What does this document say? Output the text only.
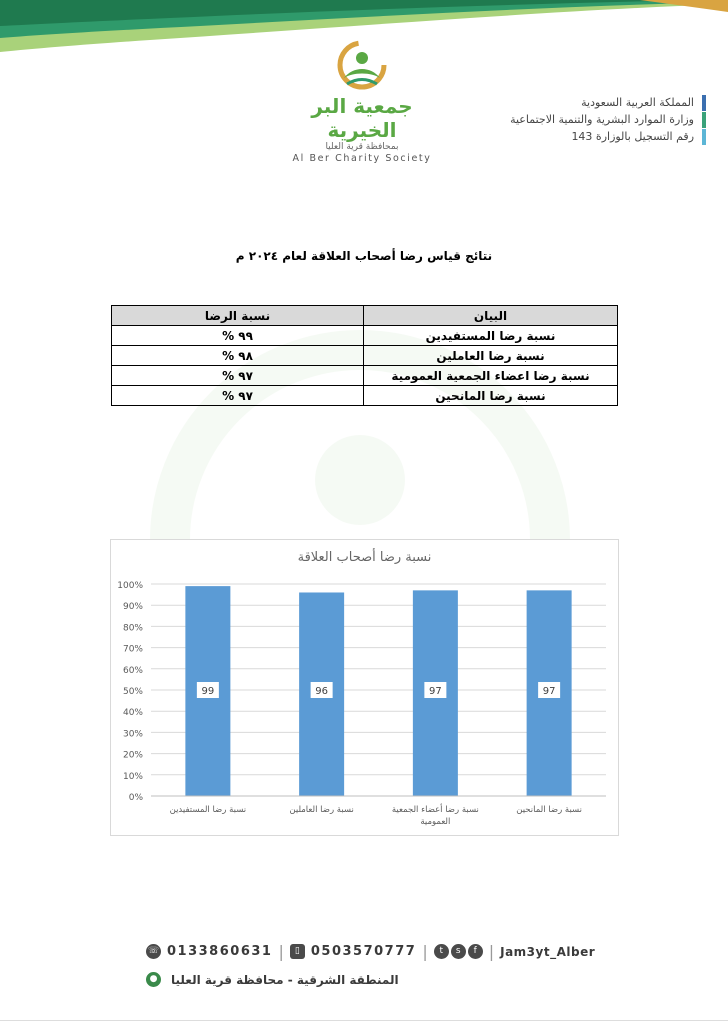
جمعية البر الخيرية
بمحافظة قرية العليا
Al Ber Charity Society
المملكة العربية السعودية
وزارة الموارد البشرية والتنمية الاجتماعية
رقم التسجيل بالوزارة 143
نتائج قياس رضا أصحاب العلاقة لعام ٢٠٢٤ م
البيان	نسبة الرضا
نسبة رضا المستفيدين	٩٩ %
نسبة رضا العاملين	٩٨ %
نسبة رضا اعضاء الجمعية العمومية	٩٧ %
نسبة رضا المانحين	٩٧ %
نسبة رضا أصحاب العلاقة
0%
10%
20%
30%
40%
50%
60%
70%
80%
90%
100%
99
نسبة رضا المستفيدين
96
نسبة رضا العاملين
97
نسبة رضا أعضاء الجمعية العمومية
97
نسبة رضا المانحين
☏ 0133860631 |	▯ 0503570777 |	t	s	f | Jam3yt_Alber
● المنطقة الشرقية - محافظة قرية العليا
